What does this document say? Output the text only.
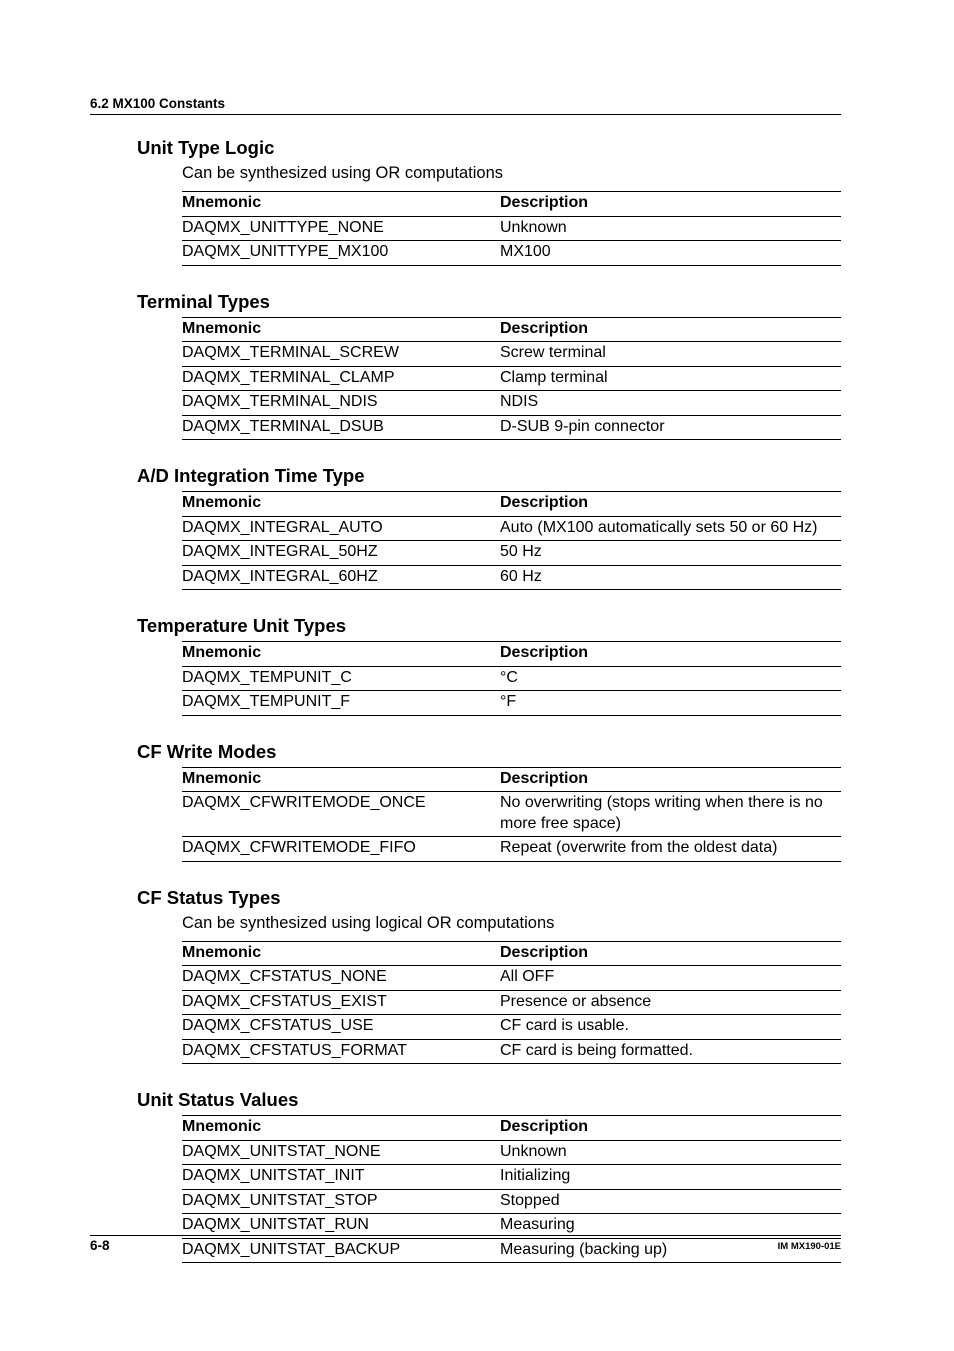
6.2 MX100 Constants
Unit Type Logic
Can be synthesized using OR computations
Mnemonic	Description
DAQMX_UNITTYPE_NONE	Unknown
DAQMX_UNITTYPE_MX100	MX100
Terminal Types
Mnemonic	Description
DAQMX_TERMINAL_SCREW	Screw terminal
DAQMX_TERMINAL_CLAMP	Clamp terminal
DAQMX_TERMINAL_NDIS	NDIS
DAQMX_TERMINAL_DSUB	D-SUB 9-pin connector
A/D Integration Time Type
Mnemonic	Description
DAQMX_INTEGRAL_AUTO	Auto (MX100 automatically sets 50 or 60 Hz)
DAQMX_INTEGRAL_50HZ	50 Hz
DAQMX_INTEGRAL_60HZ	60 Hz
Temperature Unit Types
Mnemonic	Description
DAQMX_TEMPUNIT_C	°C
DAQMX_TEMPUNIT_F	°F
CF Write Modes
Mnemonic	Description
DAQMX_CFWRITEMODE_ONCE	No overwriting (stops writing when there is no more free space)
DAQMX_CFWRITEMODE_FIFO	Repeat (overwrite from the oldest data)
CF Status Types
Can be synthesized using logical OR computations
Mnemonic	Description
DAQMX_CFSTATUS_NONE	All OFF
DAQMX_CFSTATUS_EXIST	Presence or absence
DAQMX_CFSTATUS_USE	CF card is usable.
DAQMX_CFSTATUS_FORMAT	CF card is being formatted.
Unit Status Values
Mnemonic	Description
DAQMX_UNITSTAT_NONE	Unknown
DAQMX_UNITSTAT_INIT	Initializing
DAQMX_UNITSTAT_STOP	Stopped
DAQMX_UNITSTAT_RUN	Measuring
DAQMX_UNITSTAT_BACKUP	Measuring (backing up)
6-8	IM MX190-01E
